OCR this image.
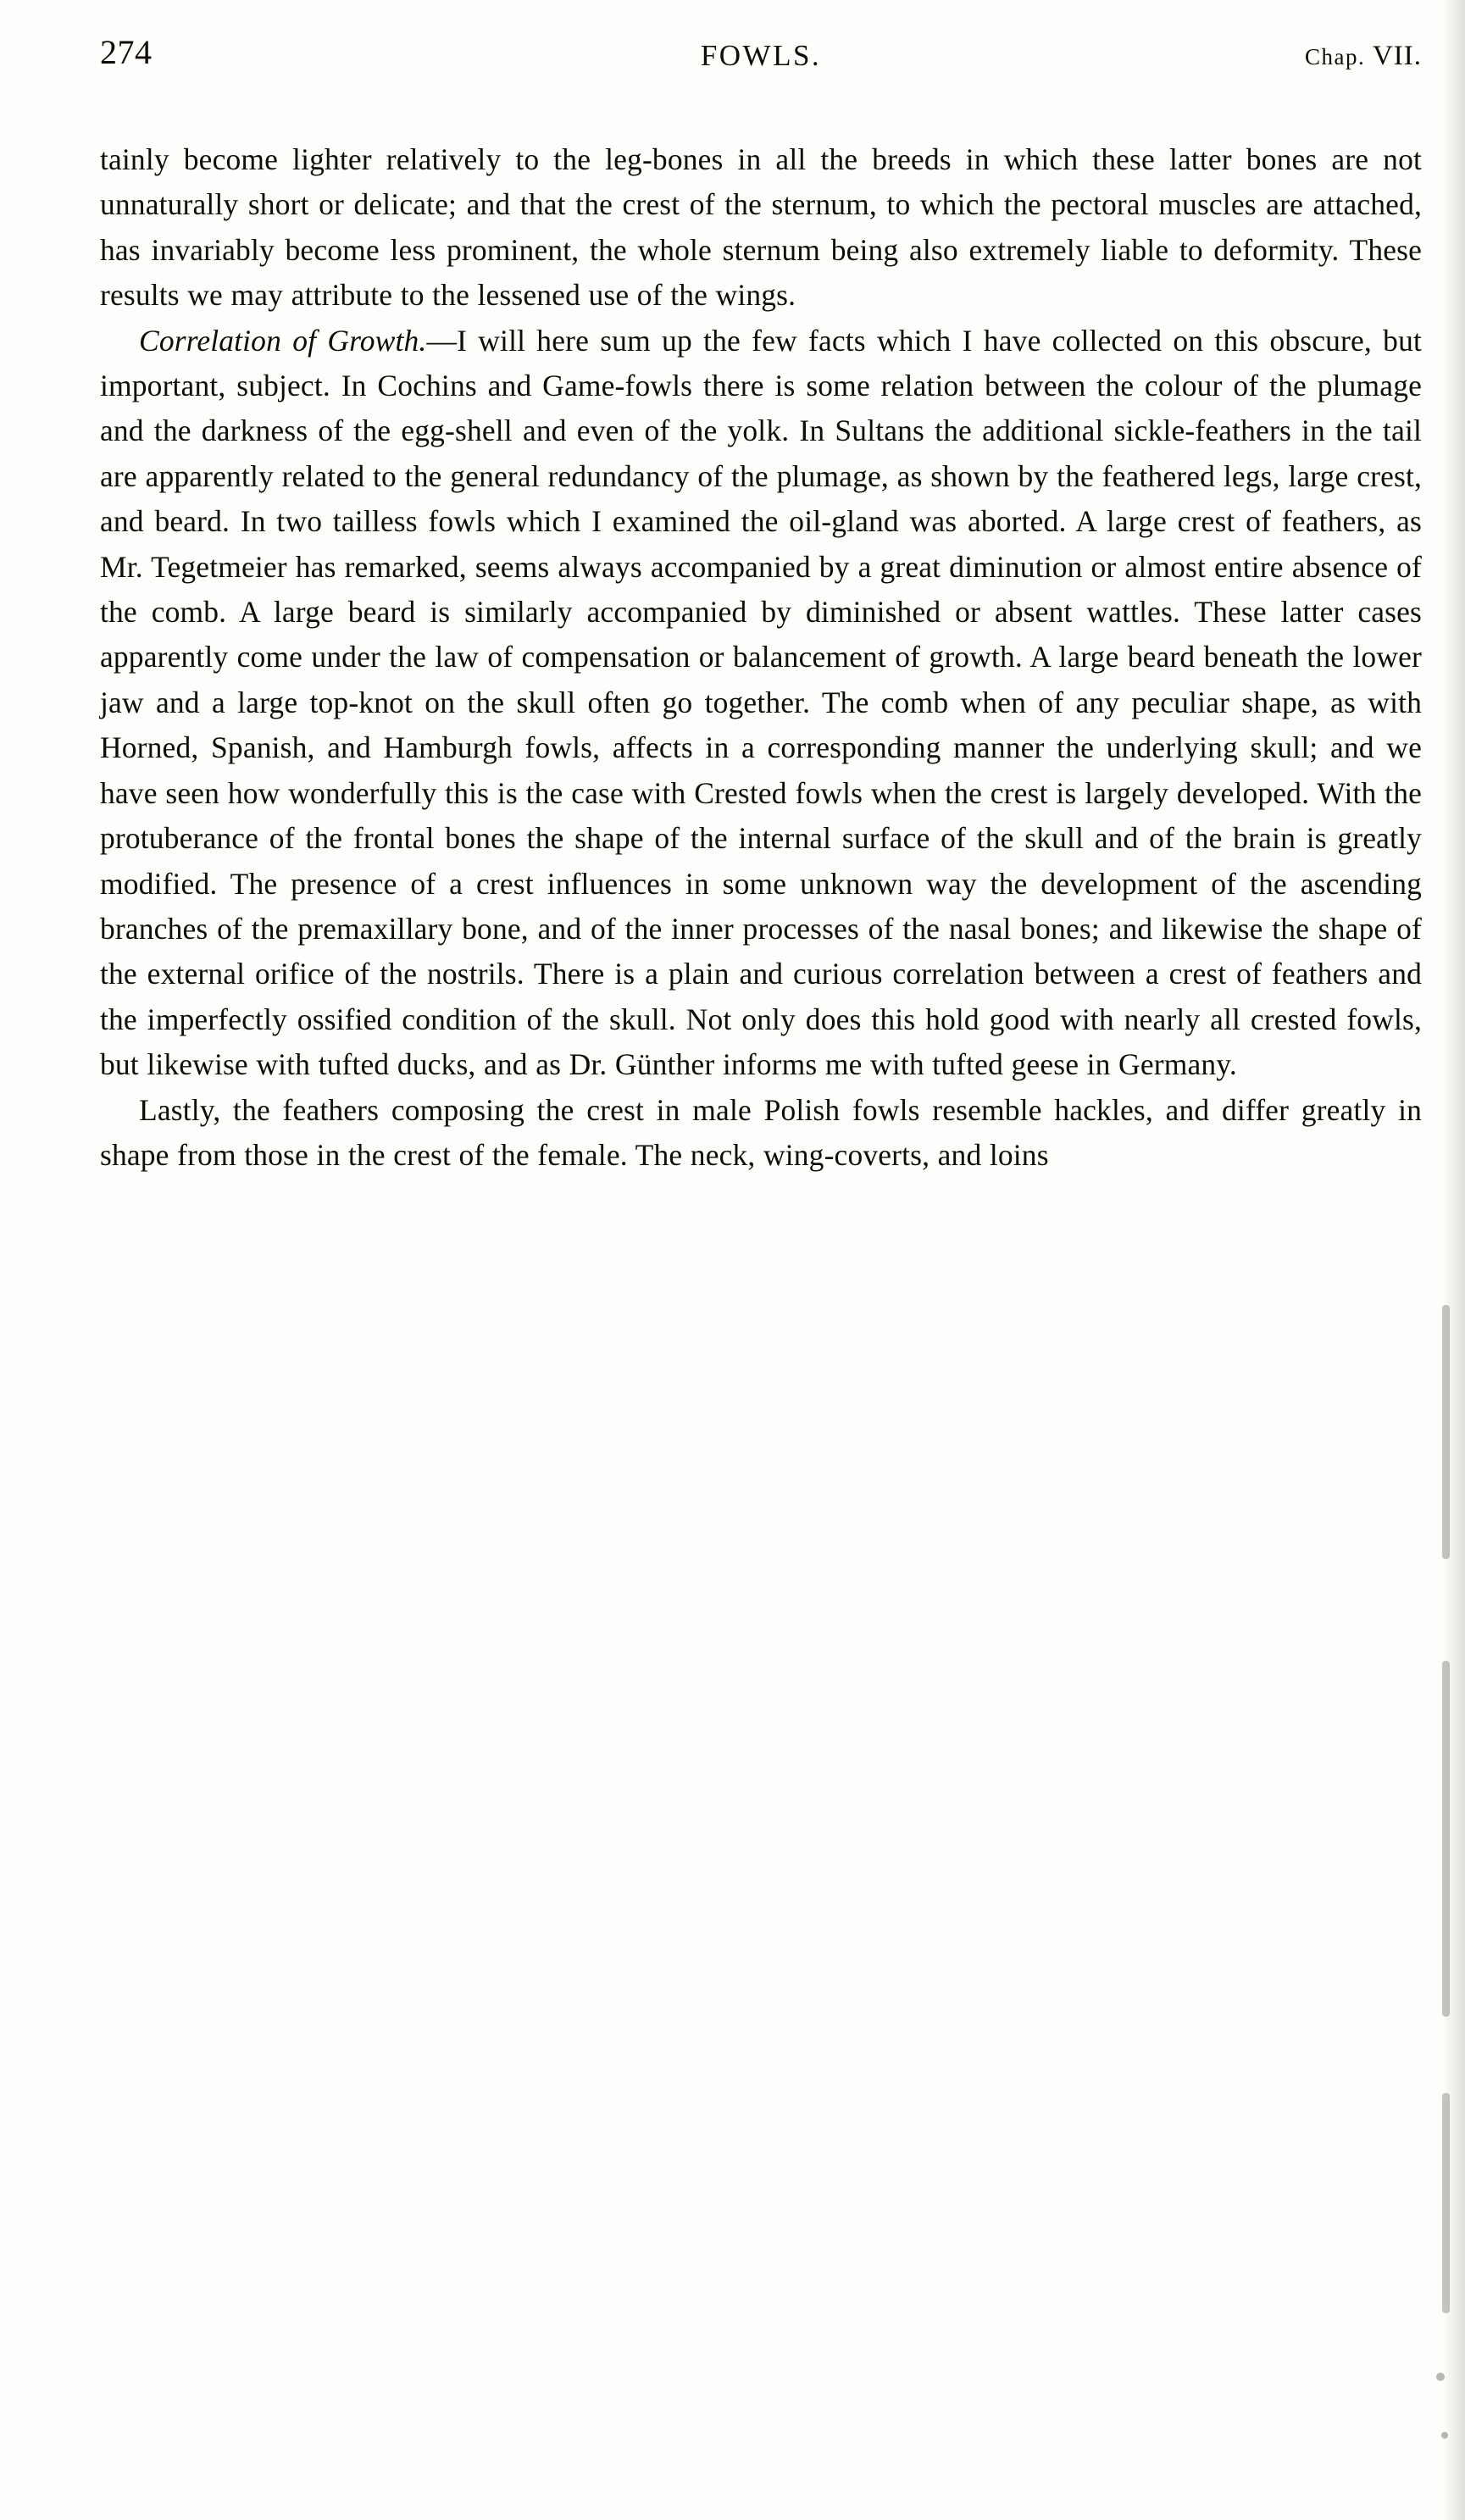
274	FOWLS.	Chap. VII.

tainly become lighter relatively to the leg-bones in all the breeds in which these latter bones are not unnaturally short or delicate; and that the crest of the sternum, to which the pectoral muscles are attached, has invariably become less prominent, the whole sternum being also extremely liable to deformity. These results we may attribute to the lessened use of the wings.

Correlation of Growth.—I will here sum up the few facts which I have collected on this obscure, but important, subject. In Cochins and Game-fowls there is some relation between the colour of the plumage and the darkness of the egg-shell and even of the yolk. In Sultans the additional sickle-feathers in the tail are apparently related to the general redundancy of the plumage, as shown by the feathered legs, large crest, and beard. In two tailless fowls which I examined the oil-gland was aborted. A large crest of feathers, as Mr. Tegetmeier has remarked, seems always accompanied by a great diminution or almost entire absence of the comb. A large beard is similarly accompanied by diminished or absent wattles. These latter cases apparently come under the law of compensation or balancement of growth. A large beard beneath the lower jaw and a large top-knot on the skull often go together. The comb when of any peculiar shape, as with Horned, Spanish, and Hamburgh fowls, affects in a corresponding manner the underlying skull; and we have seen how wonderfully this is the case with Crested fowls when the crest is largely developed. With the protuberance of the frontal bones the shape of the internal surface of the skull and of the brain is greatly modified. The presence of a crest influences in some unknown way the development of the ascending branches of the premaxillary bone, and of the inner processes of the nasal bones; and likewise the shape of the external orifice of the nostrils. There is a plain and curious correlation between a crest of feathers and the imperfectly ossified condition of the skull. Not only does this hold good with nearly all crested fowls, but likewise with tufted ducks, and as Dr. Günther informs me with tufted geese in Germany.

Lastly, the feathers composing the crest in male Polish fowls resemble hackles, and differ greatly in shape from those in the crest of the female. The neck, wing-coverts, and loins
